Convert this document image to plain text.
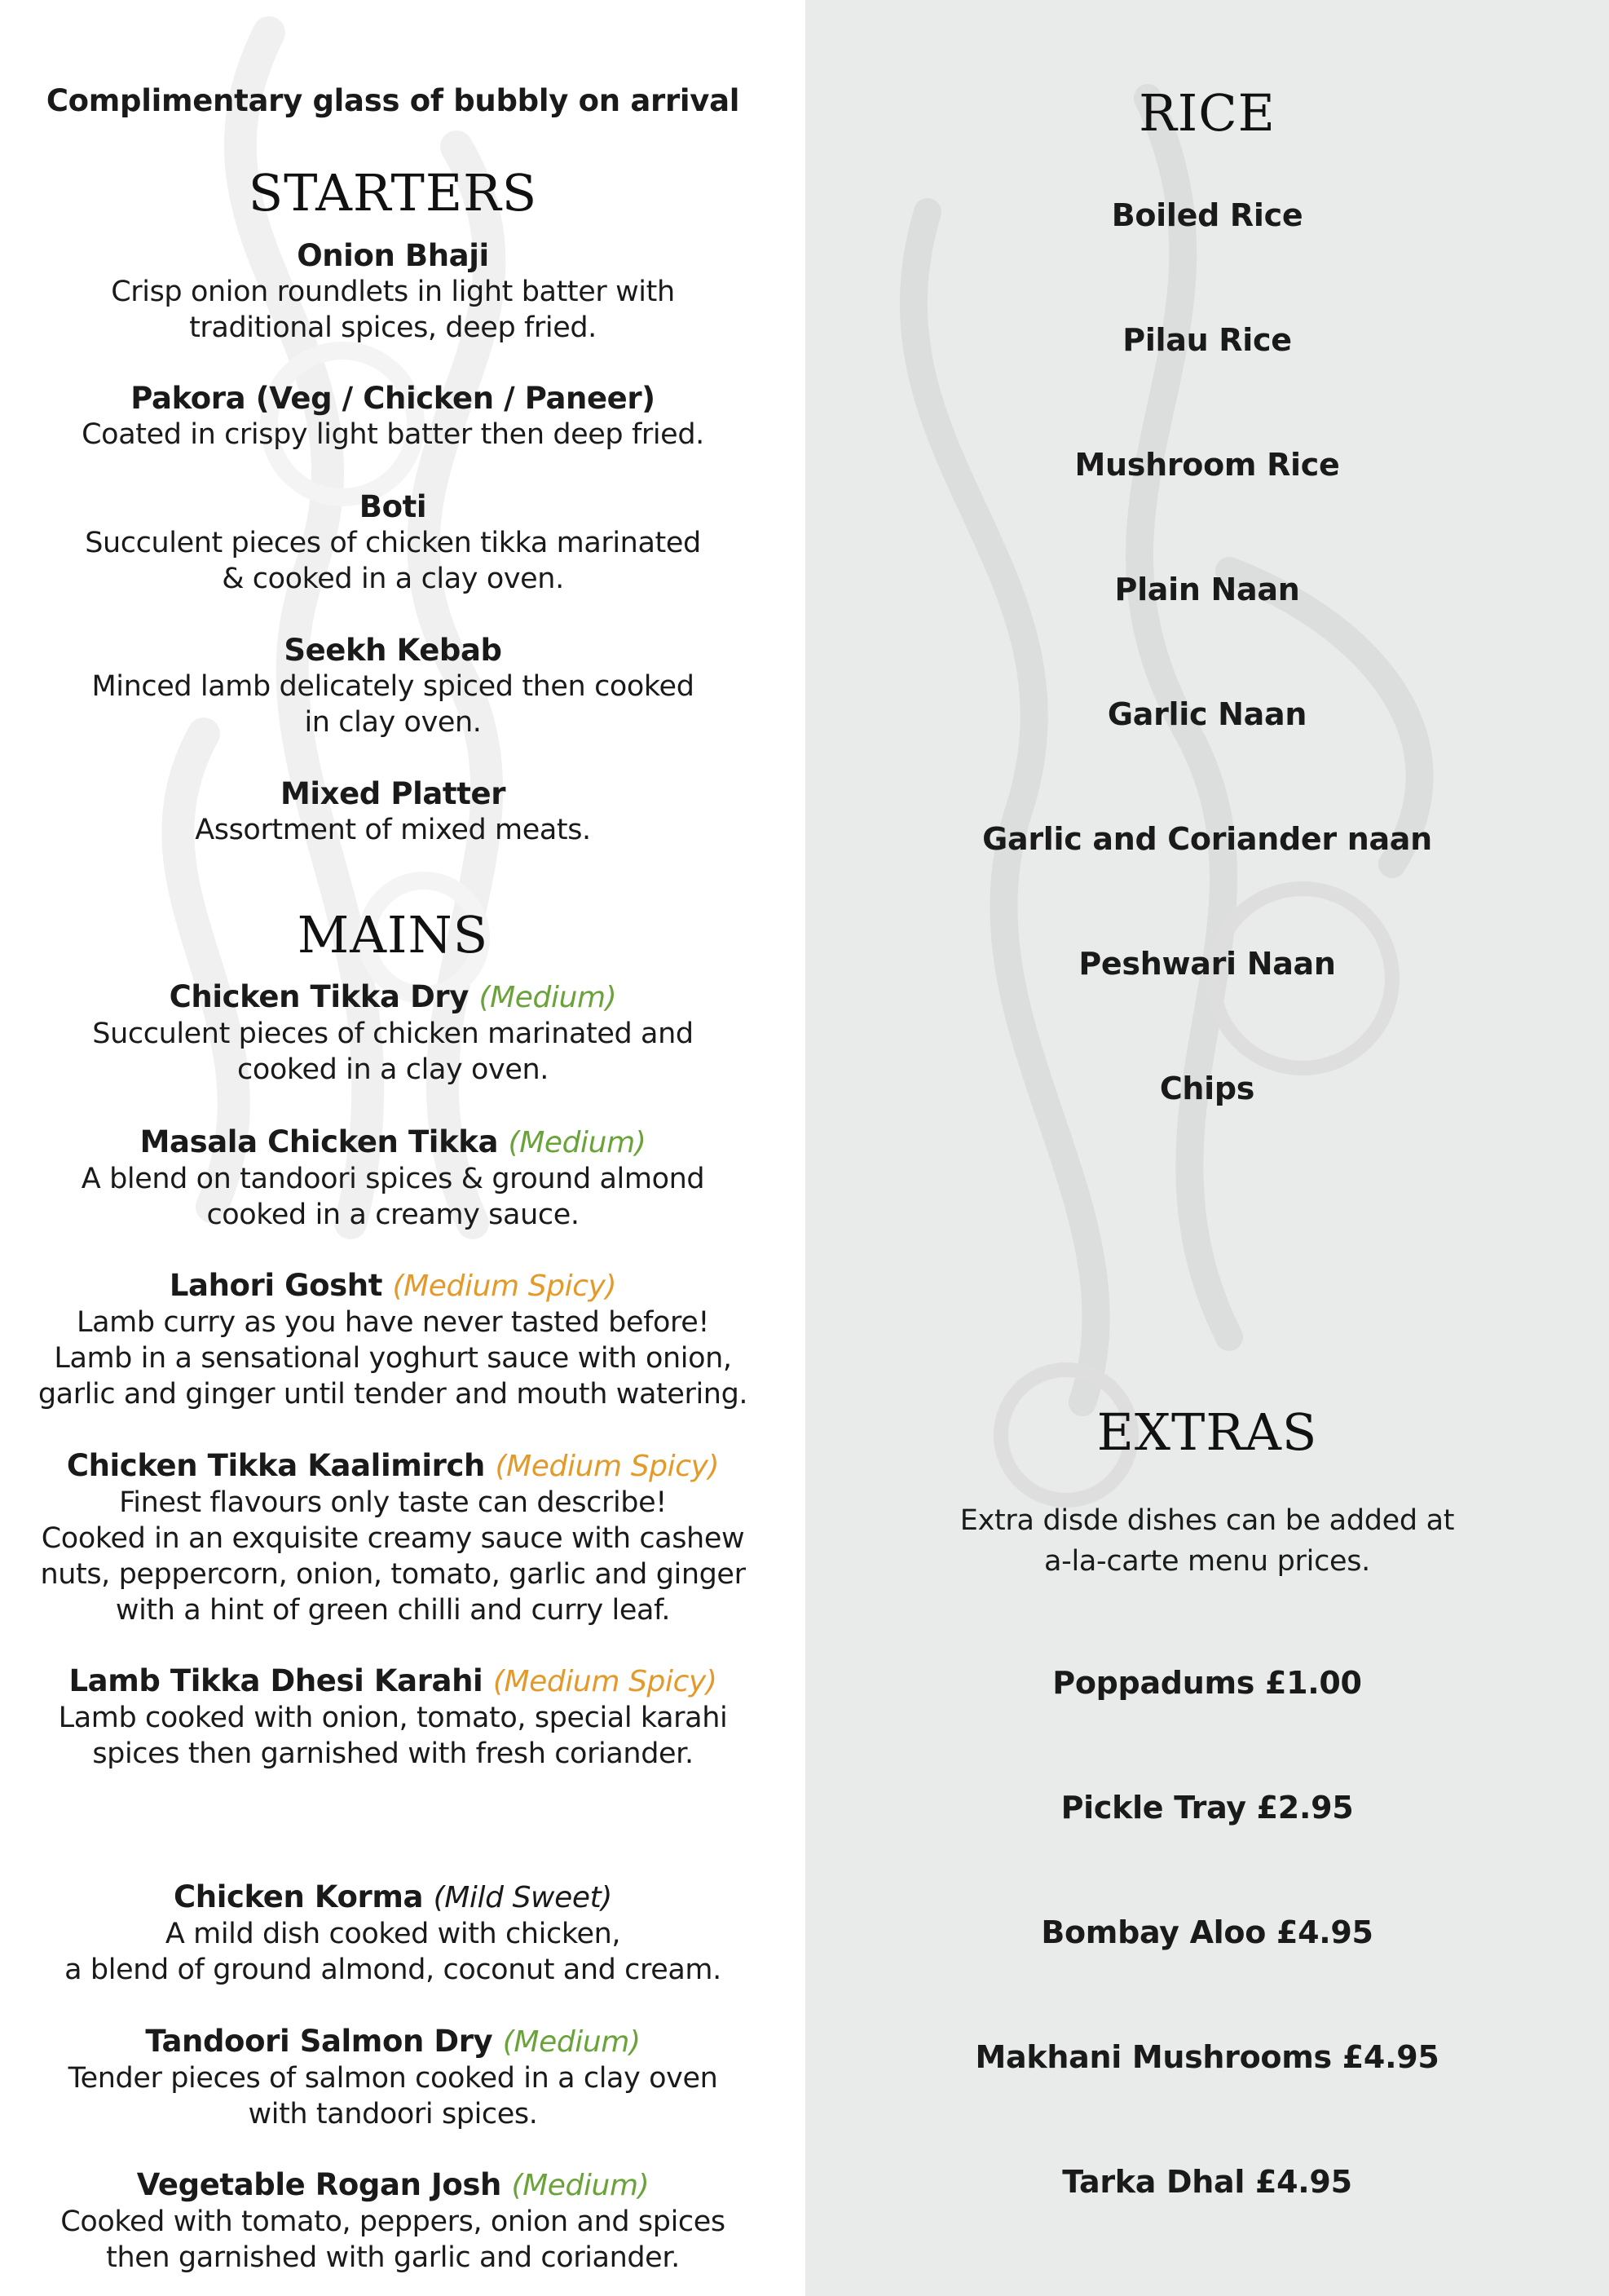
Complimentary glass of bubbly on arrival
STARTERS
Onion Bhaji
Crisp onion roundlets in light batter with
traditional spices, deep fried.
Pakora (Veg / Chicken / Paneer)
Coated in crispy light batter then deep fried.
Boti
Succulent pieces of chicken tikka marinated
& cooked in a clay oven.
Seekh Kebab
Minced lamb delicately spiced then cooked
in clay oven.
Mixed Platter
Assortment of mixed meats.
MAINS
Chicken Tikka Dry (Medium)
Succulent pieces of chicken marinated and
cooked in a clay oven.
Masala Chicken Tikka (Medium)
A blend on tandoori spices & ground almond
cooked in a creamy sauce.
Lahori Gosht (Medium Spicy)
Lamb curry as you have never tasted before!
Lamb in a sensational yoghurt sauce with onion,
garlic and ginger until tender and mouth watering.
Chicken Tikka Kaalimirch (Medium Spicy)
Finest flavours only taste can describe!
Cooked in an exquisite creamy sauce with cashew
nuts, peppercorn, onion, tomato, garlic and ginger
with a hint of green chilli and curry leaf.
Lamb Tikka Dhesi Karahi (Medium Spicy)
Lamb cooked with onion, tomato, special karahi
spices then garnished with fresh coriander.
Chicken Korma (Mild Sweet)
A mild dish cooked with chicken,
a blend of ground almond, coconut and cream.
Tandoori Salmon Dry (Medium)
Tender pieces of salmon cooked in a clay oven
with tandoori spices.
Vegetable Rogan Josh (Medium)
Cooked with tomato, peppers, onion and spices
then garnished with garlic and coriander.
RICE
Boiled Rice
Pilau Rice
Mushroom Rice
Plain Naan
Garlic Naan
Garlic and Coriander naan
Peshwari Naan
Chips
EXTRAS
Extra disde dishes can be added at
a-la-carte menu prices.
Poppadums £1.00
Pickle Tray £2.95
Bombay Aloo £4.95
Makhani Mushrooms £4.95
Tarka Dhal £4.95
